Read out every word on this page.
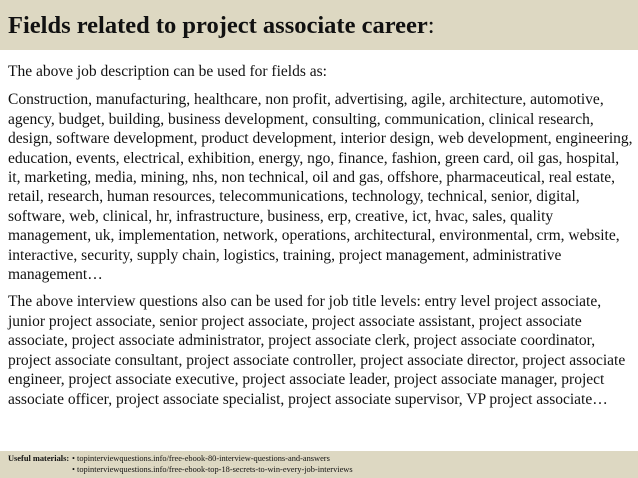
Fields related to project associate career:

The above job description can be used for fields as:

Construction, manufacturing, healthcare, non profit, advertising, agile, architecture, automotive, agency, budget, building, business development, consulting, communication, clinical research, design, software development, product development, interior design, web development, engineering, education, events, electrical, exhibition, energy, ngo, finance, fashion, green card, oil gas, hospital, it, marketing, media, mining, nhs, non technical, oil and gas, offshore, pharmaceutical, real estate, retail, research, human resources, telecommunications, technology, technical, senior, digital, software, web, clinical, hr, infrastructure, business, erp, creative, ict, hvac, sales, quality management, uk, implementation, network, operations, architectural, environmental, crm, website, interactive, security, supply chain, logistics, training, project management, administrative management…

The above interview questions also can be used for job title levels: entry level project associate, junior project associate, senior project associate, project associate assistant, project associate associate, project associate administrator, project associate clerk, project associate coordinator, project associate consultant, project associate controller, project associate director, project associate engineer, project associate executive, project associate leader, project associate manager, project associate officer, project associate specialist, project associate supervisor, VP project associate…

Useful materials: • topinterviewquestions.info/free-ebook-80-interview-questions-and-answers
• topinterviewquestions.info/free-ebook-top-18-secrets-to-win-every-job-interviews
